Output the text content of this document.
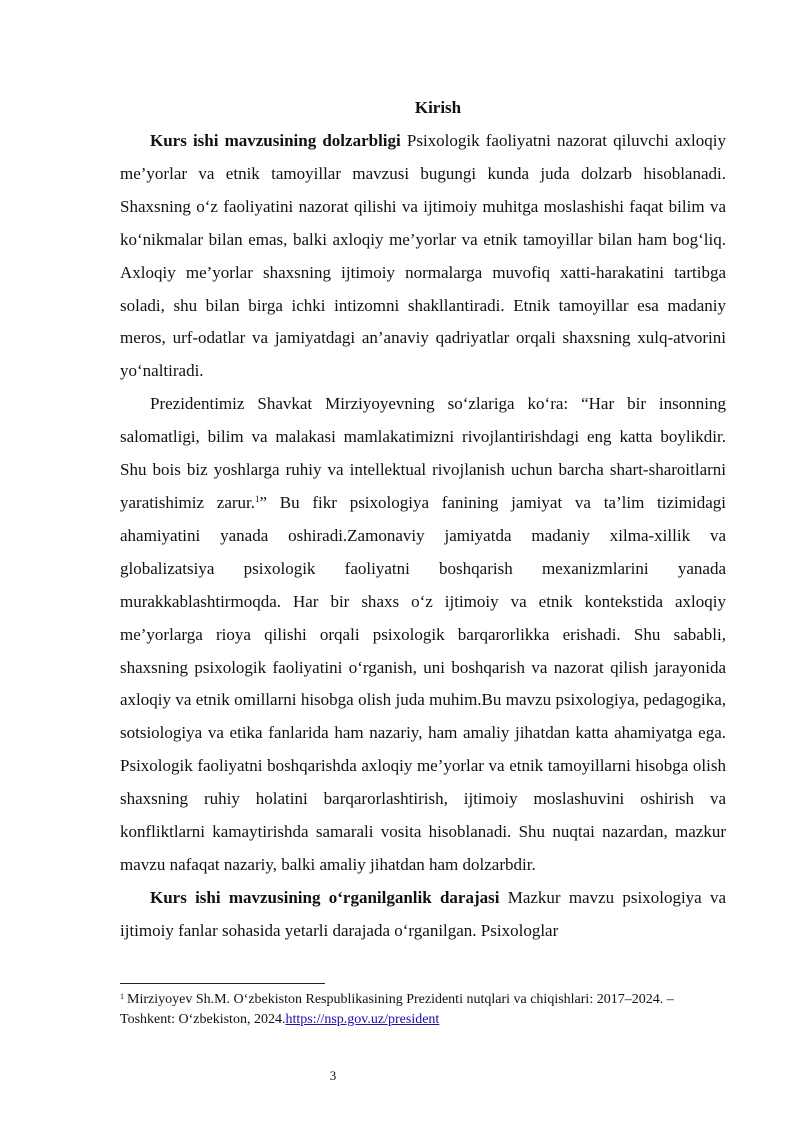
Kirish

Kurs ishi mavzusining dolzarbligi Psixologik faoliyatni nazorat qiluvchi axloqiy me’yorlar va etnik tamoyillar mavzusi bugungi kunda juda dolzarb hisoblanadi. Shaxsning o‘z faoliyatini nazorat qilishi va ijtimoiy muhitga moslashishi faqat bilim va ko‘nikmalar bilan emas, balki axloqiy me’yorlar va etnik tamoyillar bilan ham bog‘liq. Axloqiy me’yorlar shaxsning ijtimoiy normalarga muvofiq xatti-harakatini tartibga soladi, shu bilan birga ichki intizomni shakllantiradi. Etnik tamoyillar esa madaniy meros, urf-odatlar va jamiyatdagi an’anaviy qadriyatlar orqali shaxsning xulq-atvorini yo‘naltiradi.

Prezidentimiz Shavkat Mirziyoyevning so‘zlariga ko‘ra: “Har bir insonning salomatligi, bilim va malakasi mamlakatimizni rivojlantirishdagi eng katta boylikdir. Shu bois biz yoshlarga ruhiy va intellektual rivojlanish uchun barcha shart-sharoitlarni yaratishimiz zarur.$^1$” Bu fikr psixologiya fanining jamiyat va ta’lim tizimidagi ahamiyatini yanada oshiradi.Zamonaviy jamiyatda madaniy xilma-xillik va globalizatsiya psixologik faoliyatni boshqarish mexanizmlarini yanada murakkablashtirmoqda. Har bir shaxs o‘z ijtimoiy va etnik kontekstida axloqiy me’yorlarga rioya qilishi orqali psixologik barqarorlikka erishadi. Shu sababli, shaxsning psixologik faoliyatini o‘rganish, uni boshqarish va nazorat qilish jarayonida axloqiy va etnik omillarni hisobga olish juda muhim.Bu mavzu psixologiya, pedagogika, sotsiologiya va etika fanlarida ham nazariy, ham amaliy jihatdan katta ahamiyatga ega. Psixologik faoliyatni boshqarishda axloqiy me’yorlar va etnik tamoyillarni hisobga olish shaxsning ruhiy holatini barqarorlashtirish, ijtimoiy moslashuvini oshirish va konfliktlarni kamaytirishda samarali vosita hisoblanadi. Shu nuqtai nazardan, mazkur mavzu nafaqat nazariy, balki amaliy jihatdan ham dolzarbdir.

Kurs ishi mavzusining o‘rganilganlik darajasi Mazkur mavzu psixologiya va ijtimoiy fanlar sohasida yetarli darajada o‘rganilgan. Psixologlar

$^1$ Mirziyoyev Sh.M. O‘zbekiston Respublikasining Prezidenti nutqlari va chiqishlari: 2017–2024. – Toshkent: O‘zbekiston, 2024.https://nsp.gov.uz/president
3
